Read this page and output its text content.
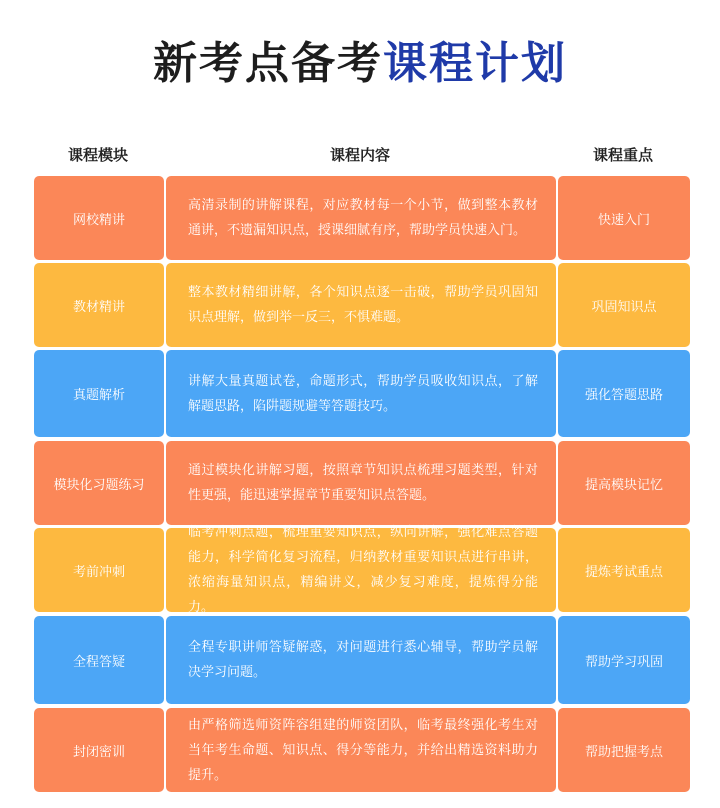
新考点备考课程计划
课程模块	课程内容	课程重点
网校精讲
高清录制的讲解课程，对应教材每一个小节，做到整本教材通讲，不遗漏知识点，授课细腻有序，帮助学员快速入门。
快速入门
教材精讲
整本教材精细讲解，各个知识点逐一击破，帮助学员巩固知识点理解，做到举一反三，不惧难题。
巩固知识点
真题解析
讲解大量真题试卷，命题形式，帮助学员吸收知识点，了解解题思路，陷阱题规避等答题技巧。
强化答题思路
模块化习题练习
通过模块化讲解习题，按照章节知识点梳理习题类型，针对性更强，能迅速掌握章节重要知识点答题。
提高模块记忆
考前冲刺
临考冲刺点题，梳理重要知识点，纵向讲解，强化难点答题能力，科学简化复习流程，归纳教材重要知识点进行串讲，浓缩海量知识点，精编讲义，减少复习难度，提炼得分能力。
提炼考试重点
全程答疑
全程专职讲师答疑解惑，对问题进行悉心辅导，帮助学员解决学习问题。
帮助学习巩固
封闭密训
由严格筛选师资阵容组建的师资团队，临考最终强化考生对当年考生命题、知识点、得分等能力，并给出精选资料助力提升。
帮助把握考点
